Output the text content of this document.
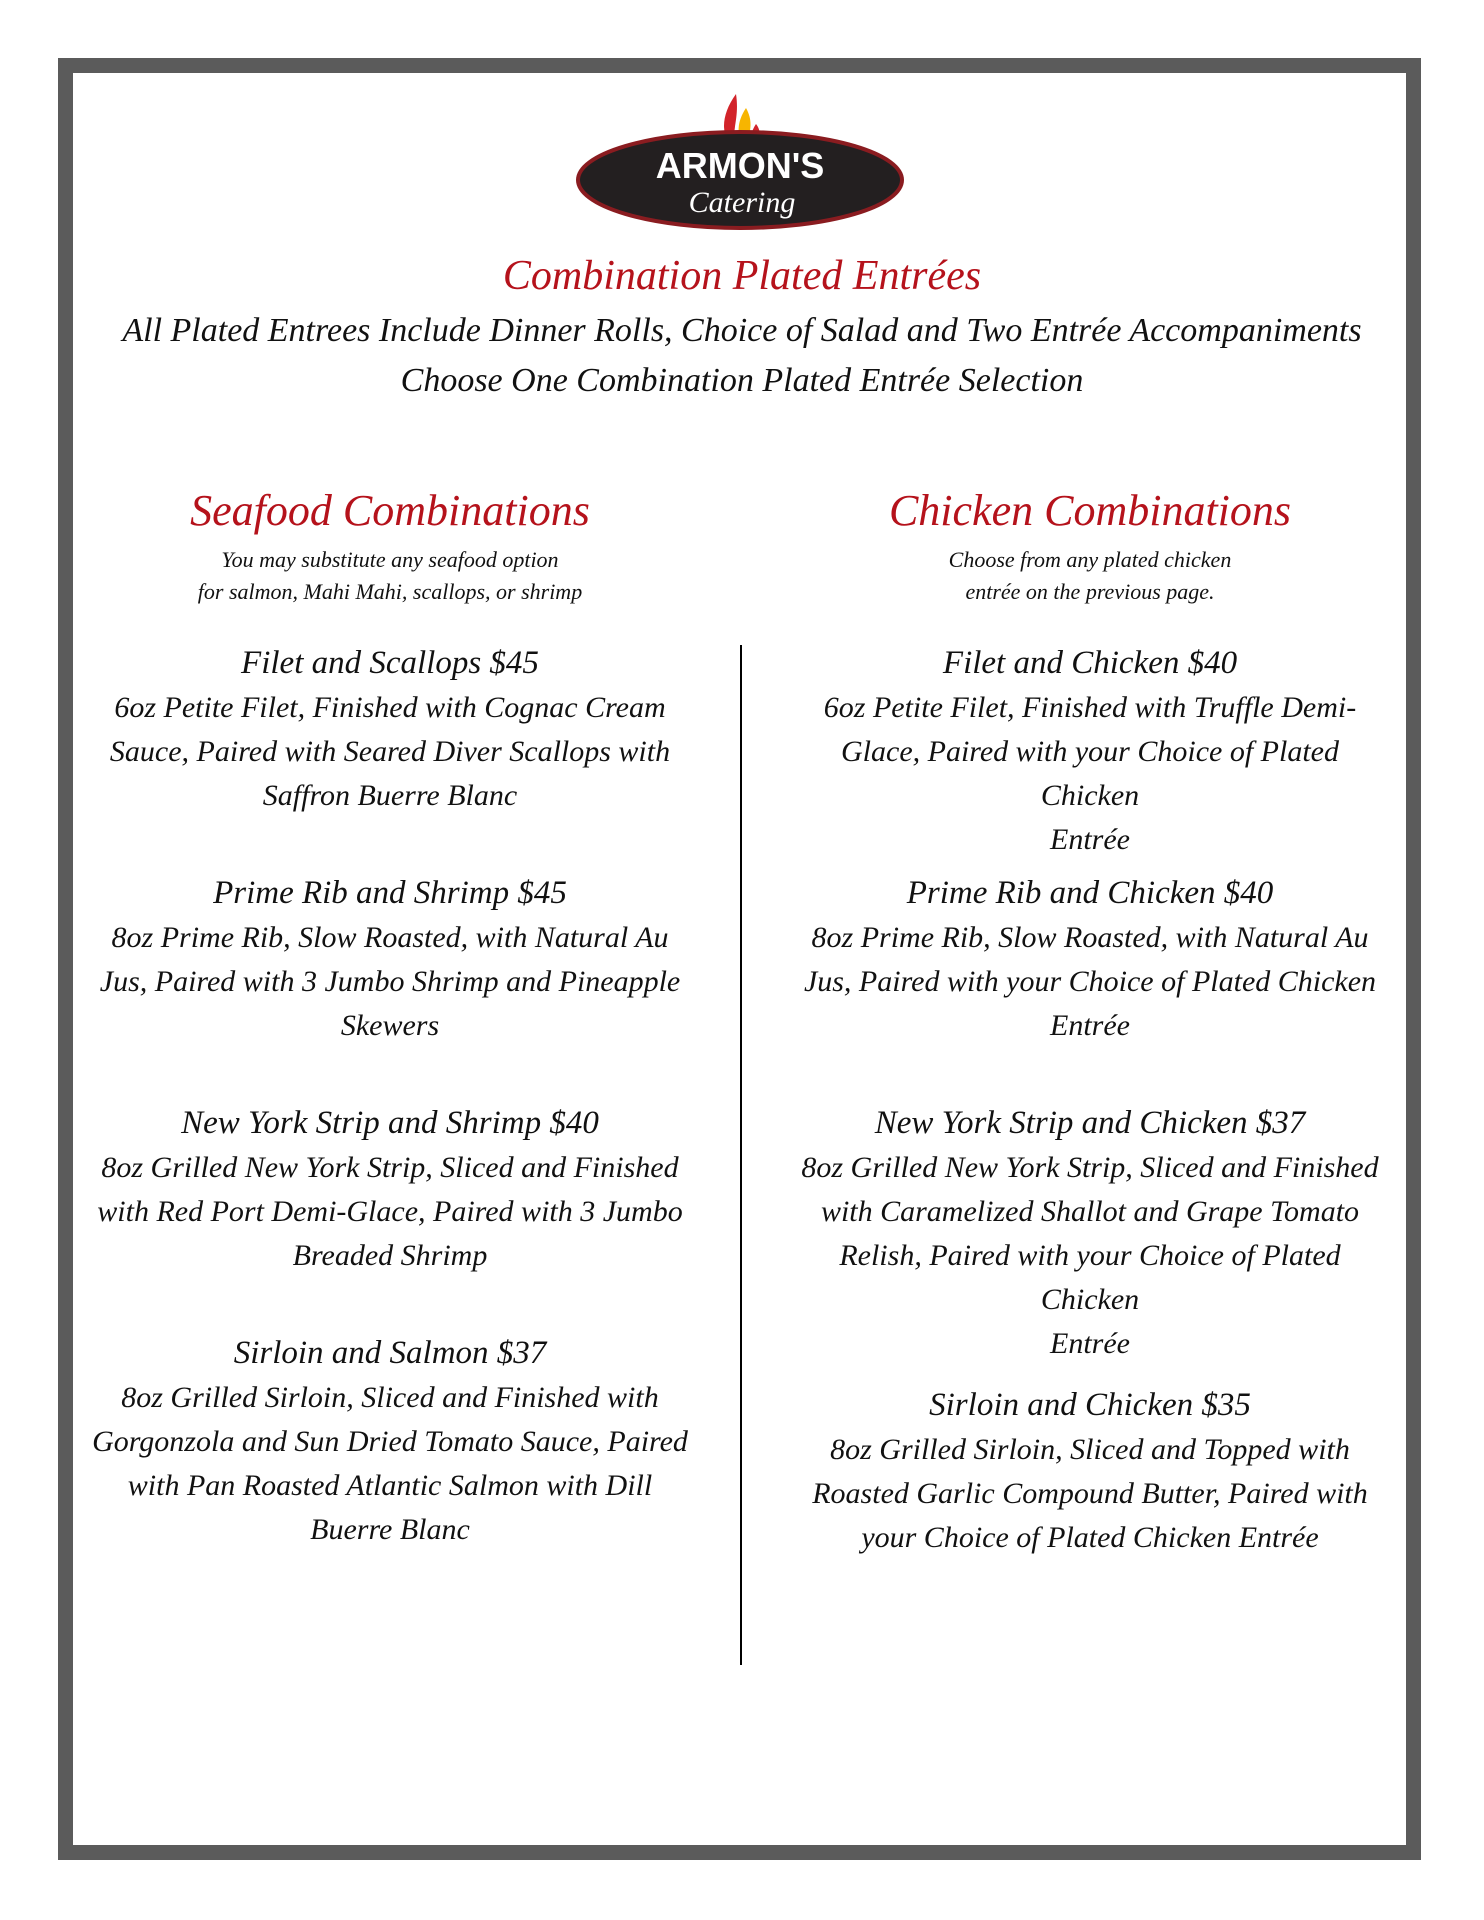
ARMON'S
Catering
Combination Plated Entrées
All Plated Entrees Include Dinner Rolls, Choice of Salad and Two Entrée Accompaniments
Choose One Combination Plated Entrée Selection
Seafood Combinations
You may substitute any seafood option
for salmon, Mahi Mahi, scallops, or shrimp
Filet and Scallops $45
6oz Petite Filet, Finished with Cognac Cream
Sauce, Paired with Seared Diver Scallops with
Saffron Buerre Blanc
Prime Rib and Shrimp $45
8oz Prime Rib, Slow Roasted, with Natural Au
Jus, Paired with 3 Jumbo Shrimp and Pineapple
Skewers
New York Strip and Shrimp $40
8oz Grilled New York Strip, Sliced and Finished
with Red Port Demi-Glace, Paired with 3 Jumbo
Breaded Shrimp
Sirloin and Salmon $37
8oz Grilled Sirloin, Sliced and Finished with
Gorgonzola and Sun Dried Tomato Sauce, Paired
with Pan Roasted Atlantic Salmon with Dill
Buerre Blanc
Chicken Combinations
Choose from any plated chicken
entrée on the previous page.
Filet and Chicken $40
6oz Petite Filet, Finished with Truffle Demi-
Glace, Paired with your Choice of Plated Chicken
Entrée
Prime Rib and Chicken $40
8oz Prime Rib, Slow Roasted, with Natural Au
Jus, Paired with your Choice of Plated Chicken
Entrée
New York Strip and Chicken $37
8oz Grilled New York Strip, Sliced and Finished
with Caramelized Shallot and Grape Tomato
Relish, Paired with your Choice of Plated Chicken
Entrée
Sirloin and Chicken $35
8oz Grilled Sirloin, Sliced and Topped with
Roasted Garlic Compound Butter, Paired with
your Choice of Plated Chicken Entrée
